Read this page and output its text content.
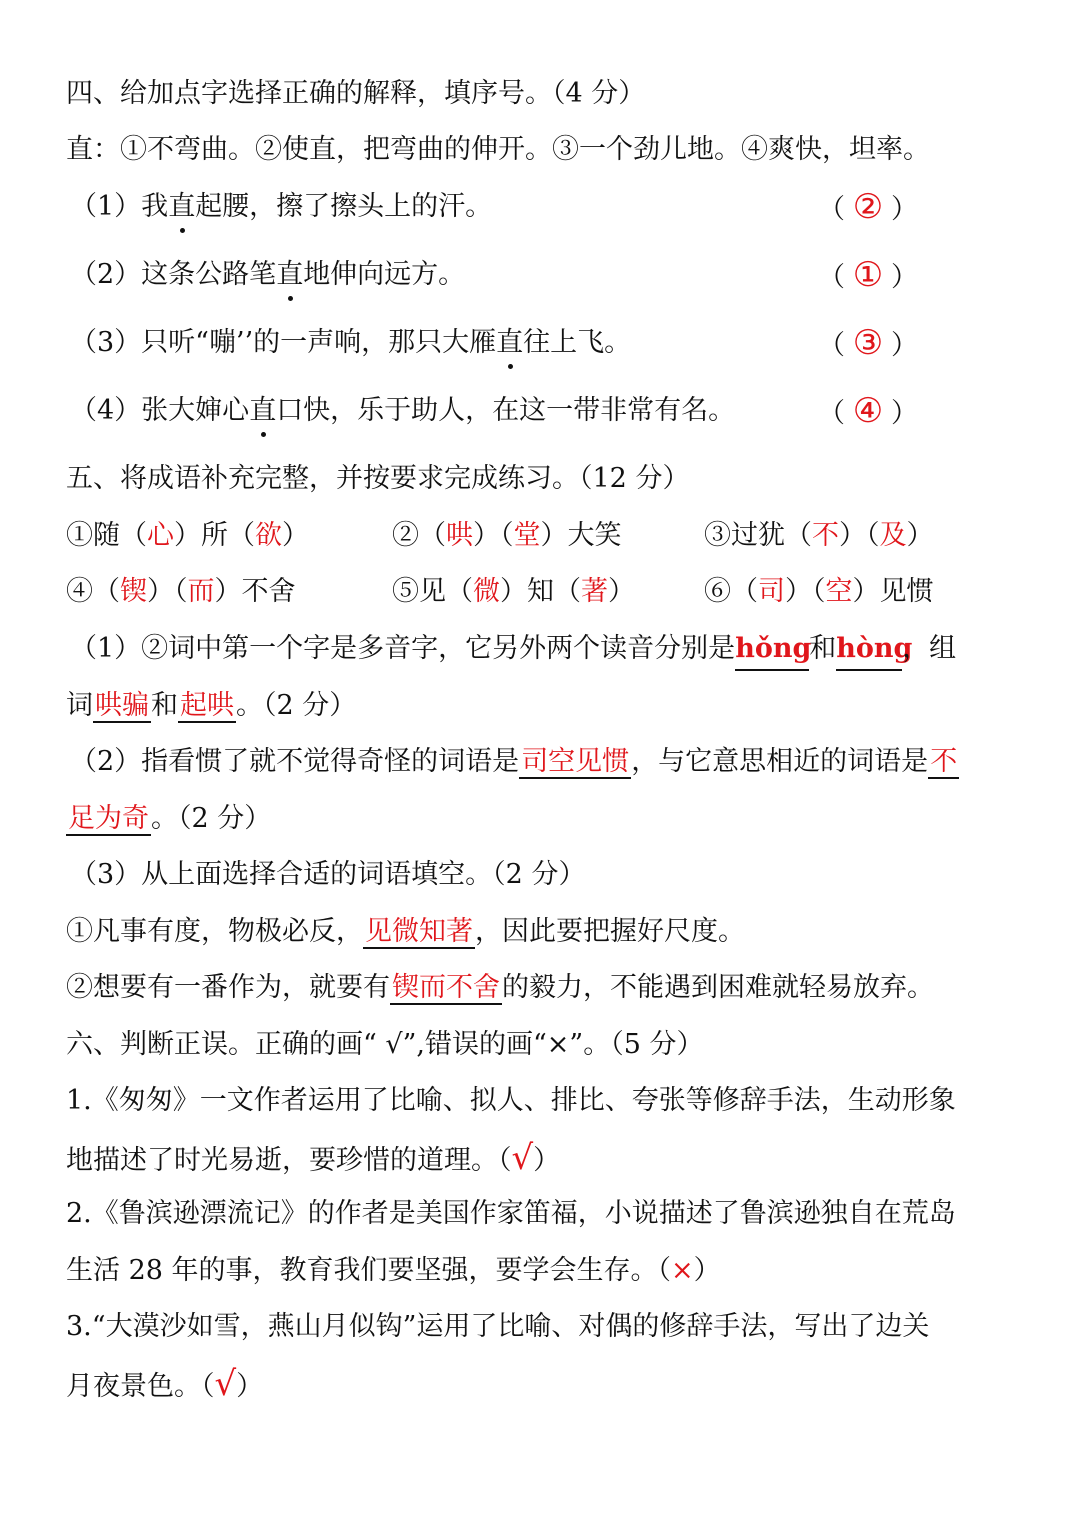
四、给加点字选择正确的解释，填序号。（4 分）
直：①不弯曲。②使直，把弯曲的伸开。③一个劲儿地。④爽快，坦率。
（1）我直起腰，擦了擦头上的汗。	（ ② ）
（2）这条公路笔直地伸向远方。	（ ① ）
（3）只听“嘣’’的一声响，那只大雁直往上飞。	（ ③ ）
（4）张大婶心直口快，乐于助人，在这一带非常有名。	（ ④ ）
五、将成语补充完整，并按要求完成练习。（12 分）
①随（心）所（欲）	②（哄）（堂）大笑	③过犹（不）（及）
④（锲）（而）不舍	⑤见（微）知（著）	⑥（司）（空）见惯
（1）②词中第一个字是多音字，它另外两个读音分别是hǒng和hòng，组
词哄骗和起哄。（2 分）
（2）指看惯了就不觉得奇怪的词语是司空见惯，与它意思相近的词语是不
足为奇。（2 分）
（3）从上面选择合适的词语填空。（2 分）
①凡事有度，物极必反，见微知著，因此要把握好尺度。
②想要有一番作为，就要有锲而不舍的毅力，不能遇到困难就轻易放弃。
六、判断正误。正确的画“ √”,错误的画“×”。（5 分）
1.《匆匆》一文作者运用了比喻、拟人、排比、夸张等修辞手法，生动形象
地描述了时光易逝，要珍惜的道理。（√）
2.《鲁滨逊漂流记》的作者是美国作家笛福，小说描述了鲁滨逊独自在荒岛
生活 28 年的事，教育我们要坚强，要学会生存。（×）
3.“大漠沙如雪，燕山月似钩”运用了比喻、对偶的修辞手法，写出了边关
月夜景色。（√）
